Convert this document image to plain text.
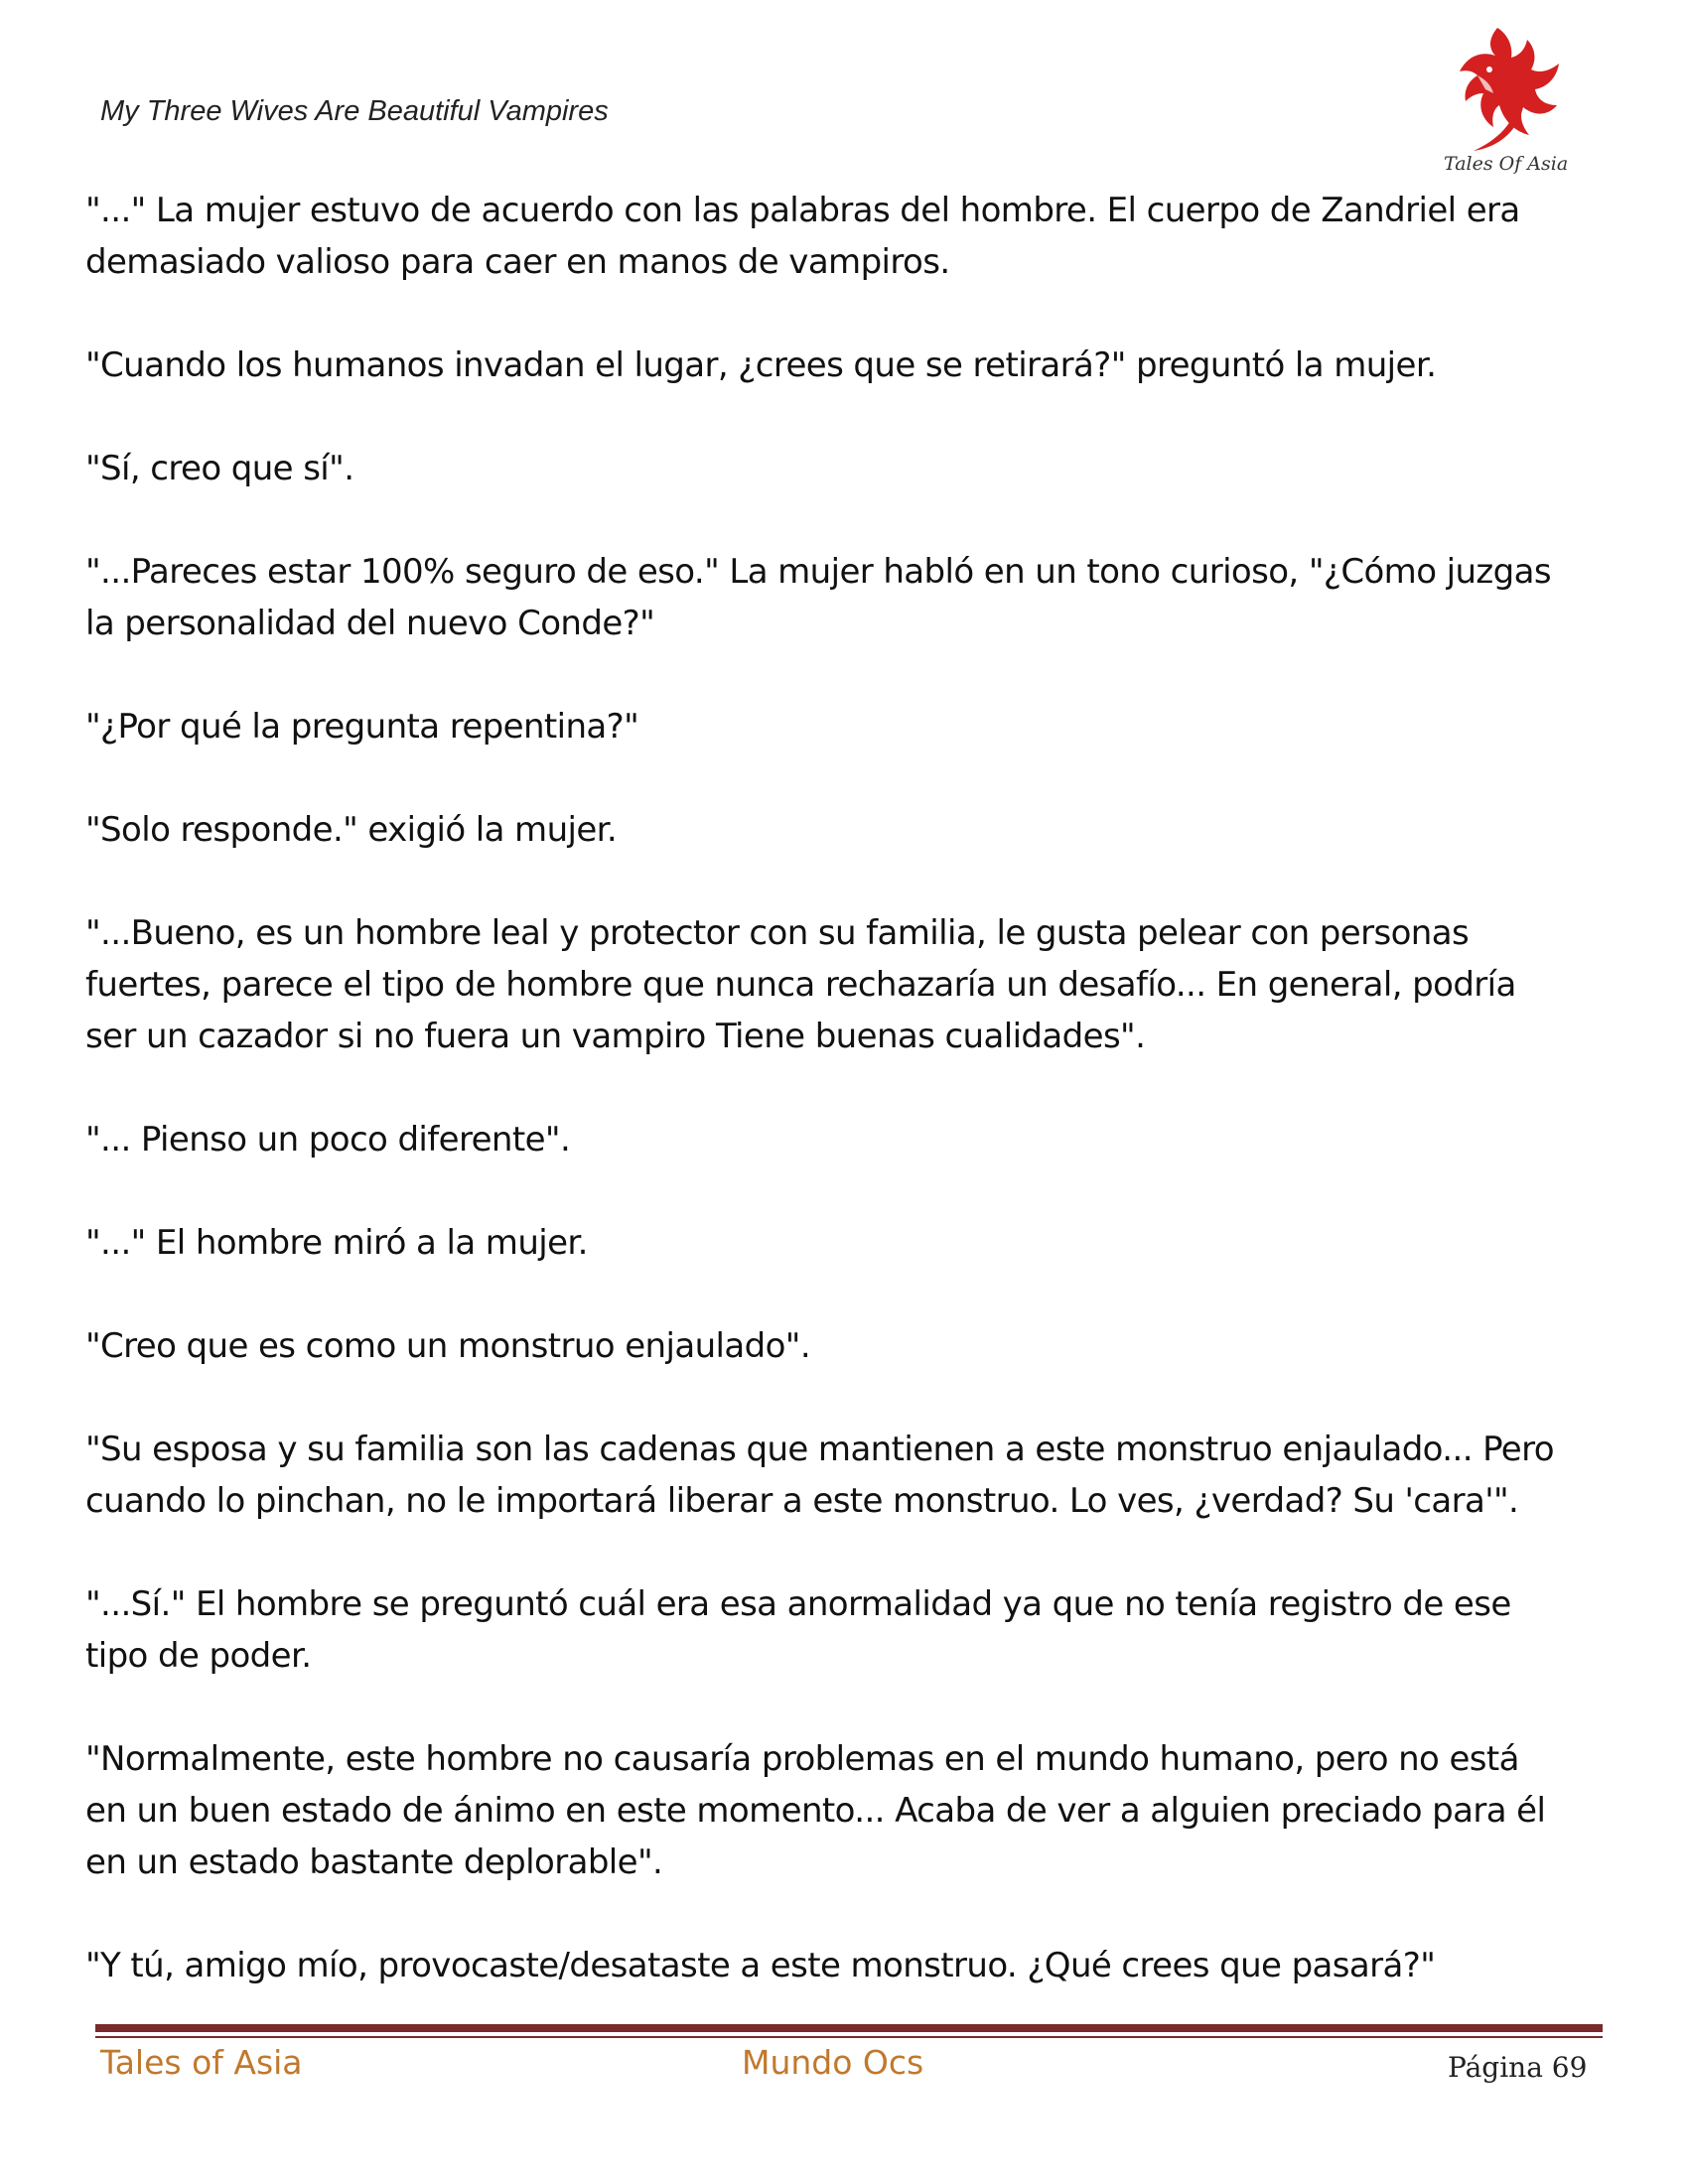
My Three Wives Are Beautiful Vampires
Tales Of Asia

"..." La mujer estuvo de acuerdo con las palabras del hombre. El cuerpo de Zandriel era
demasiado valioso para caer en manos de vampiros.

"Cuando los humanos invadan el lugar, ¿crees que se retirará?" preguntó la mujer.

"Sí, creo que sí".

"...Pareces estar 100% seguro de eso." La mujer habló en un tono curioso, "¿Cómo juzgas
la personalidad del nuevo Conde?"

"¿Por qué la pregunta repentina?"

"Solo responde." exigió la mujer.

"...Bueno, es un hombre leal y protector con su familia, le gusta pelear con personas
fuertes, parece el tipo de hombre que nunca rechazaría un desafío... En general, podría
ser un cazador si no fuera un vampiro Tiene buenas cualidades".

"... Pienso un poco diferente".

"..." El hombre miró a la mujer.

"Creo que es como un monstruo enjaulado".

"Su esposa y su familia son las cadenas que mantienen a este monstruo enjaulado... Pero
cuando lo pinchan, no le importará liberar a este monstruo. Lo ves, ¿verdad? Su 'cara'".

"...Sí." El hombre se preguntó cuál era esa anormalidad ya que no tenía registro de ese
tipo de poder.

"Normalmente, este hombre no causaría problemas en el mundo humano, pero no está
en un buen estado de ánimo en este momento... Acaba de ver a alguien preciado para él
en un estado bastante deplorable".

"Y tú, amigo mío, provocaste/desataste a este monstruo. ¿Qué crees que pasará?"

Tales of Asia	Mundo Ocs	Página 69
